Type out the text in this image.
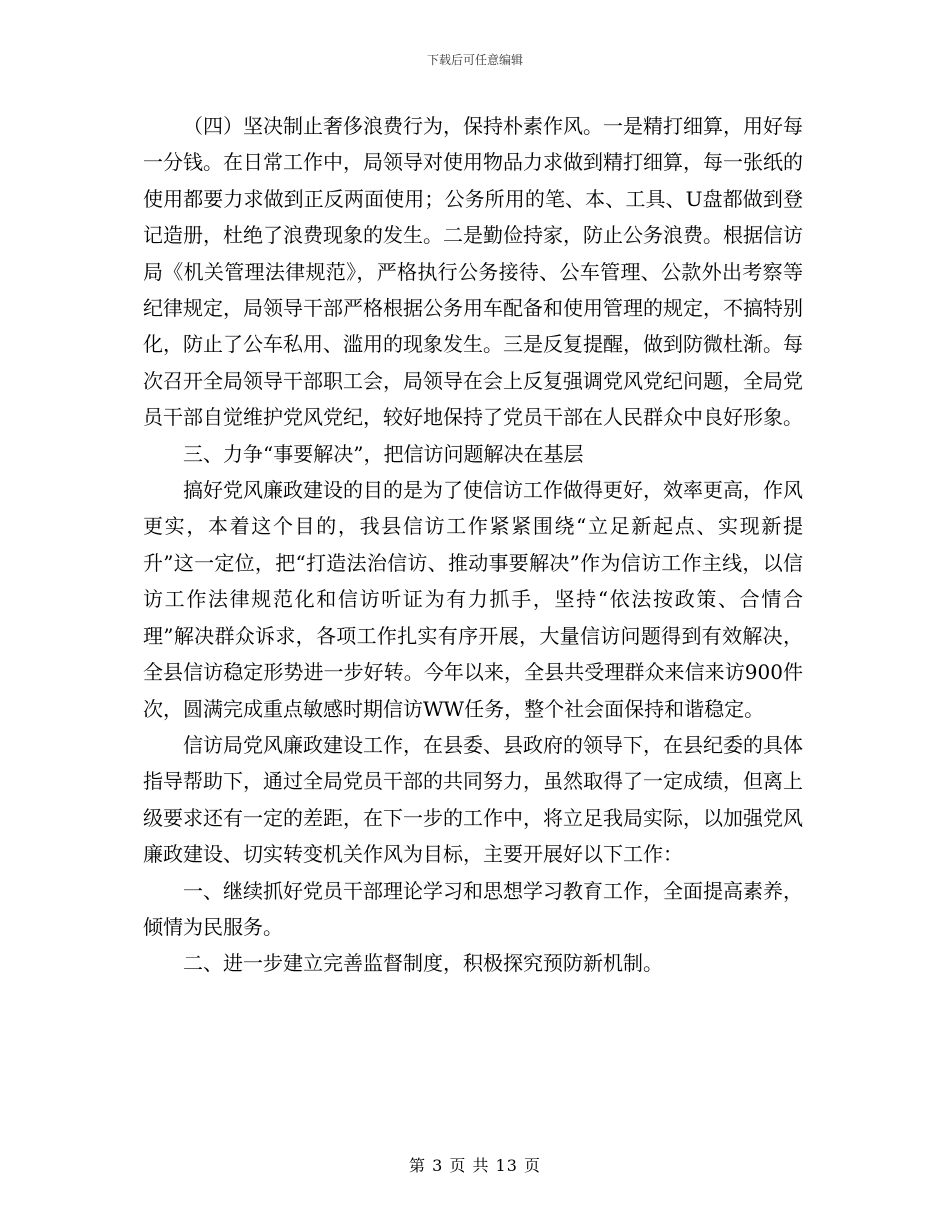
下载后可任意编辑

（四）坚决制止奢侈浪费行为，保持朴素作风。一是精打细算，用好每一分钱。在日常工作中，局领导对使用物品力求做到精打细算，每一张纸的使用都要力求做到正反两面使用；公务所用的笔、本、工具、U盘都做到登记造册，杜绝了浪费现象的发生。二是勤俭持家，防止公务浪费。根据信访局《机关管理法律规范》，严格执行公务接待、公车管理、公款外出考察等纪律规定，局领导干部严格根据公务用车配备和使用管理的规定，不搞特别化，防止了公车私用、滥用的现象发生。三是反复提醒，做到防微杜渐。每次召开全局领导干部职工会，局领导在会上反复强调党风党纪问题，全局党员干部自觉维护党风党纪，较好地保持了党员干部在人民群众中良好形象。

三、力争“事要解决”，把信访问题解决在基层

搞好党风廉政建设的目的是为了使信访工作做得更好，效率更高，作风更实，本着这个目的，我县信访工作紧紧围绕“立足新起点、实现新提升”这一定位，把“打造法治信访、推动事要解决”作为信访工作主线，以信访工作法律规范化和信访听证为有力抓手，坚持“依法按政策、合情合理”解决群众诉求，各项工作扎实有序开展，大量信访问题得到有效解决，全县信访稳定形势进一步好转。今年以来，全县共受理群众来信来访900件次，圆满完成重点敏感时期信访WW任务，整个社会面保持和谐稳定。

信访局党风廉政建设工作，在县委、县政府的领导下，在县纪委的具体指导帮助下，通过全局党员干部的共同努力，虽然取得了一定成绩，但离上级要求还有一定的差距，在下一步的工作中，将立足我局实际，以加强党风廉政建设、切实转变机关作风为目标，主要开展好以下工作：

一、继续抓好党员干部理论学习和思想学习教育工作，全面提高素养，倾情为民服务。

二、进一步建立完善监督制度，积极探究预防新机制。

第 3 页 共 13 页
